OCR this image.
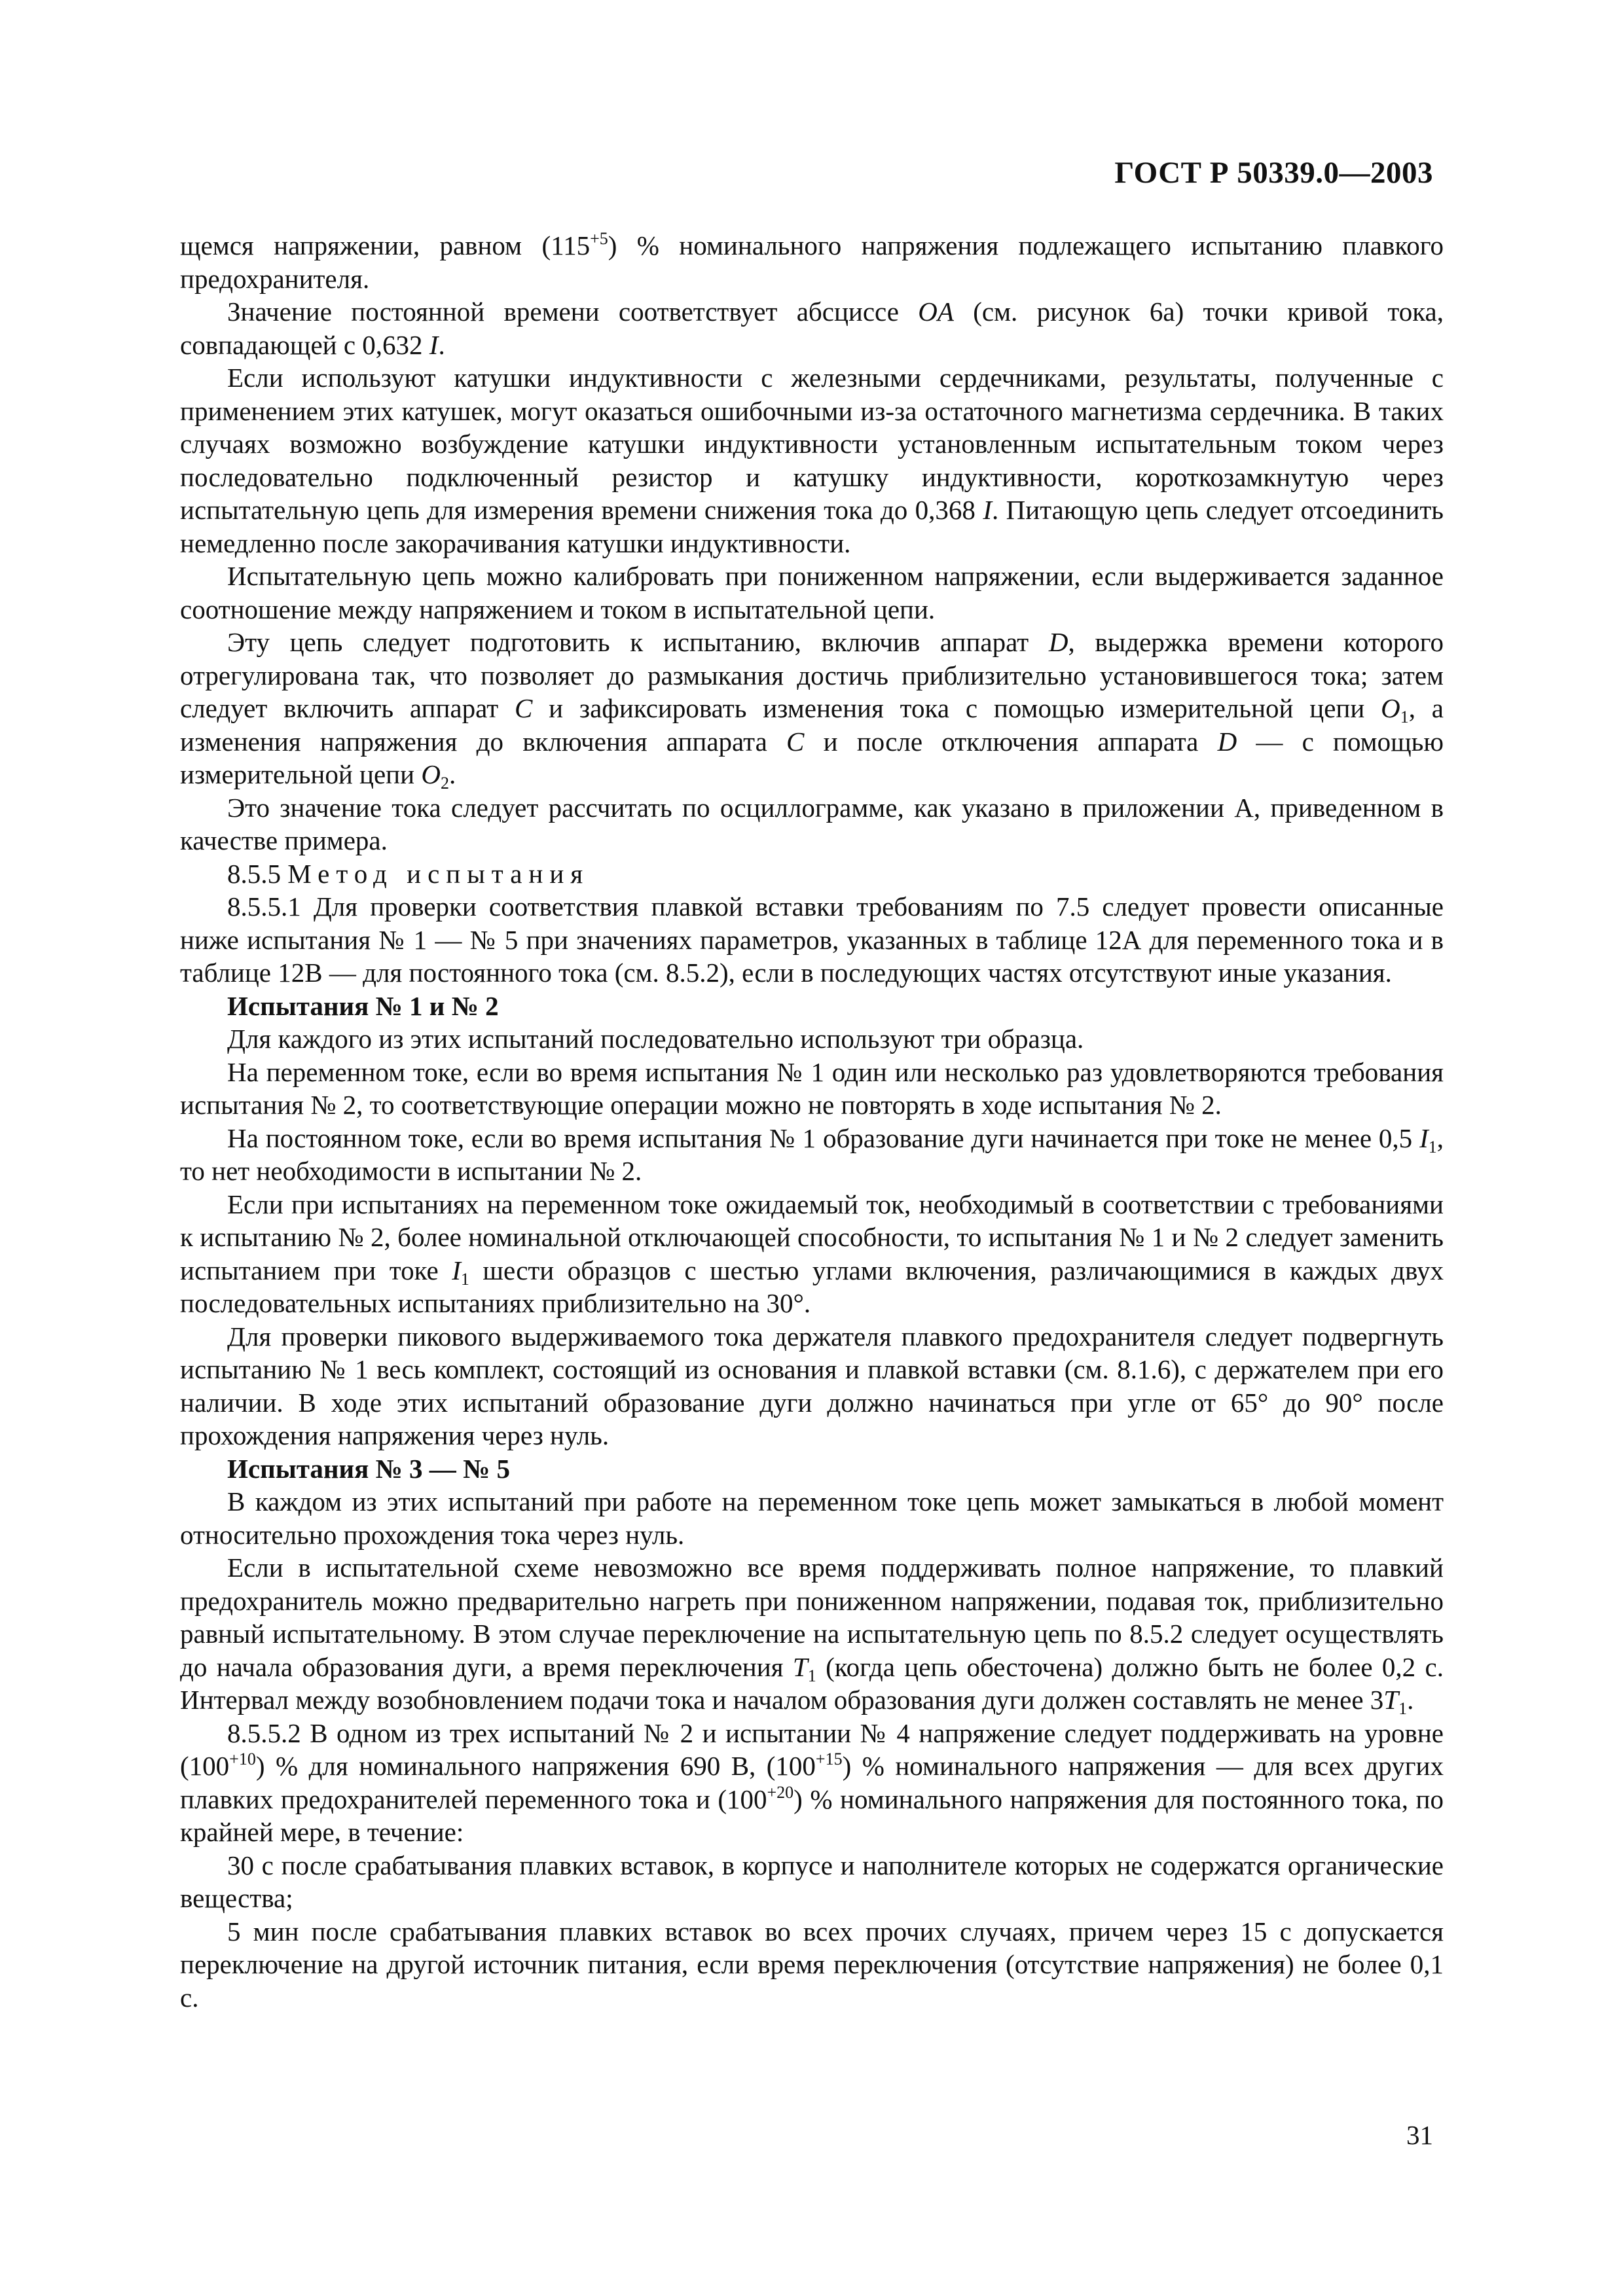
ГОСТ Р 50339.0—2003

щемся напряжении, равном $(115^{+5})$ % номинального напряжения подлежащего испытанию плавкого предохранителя.

Значение постоянной времени соответствует абсциссе OA (см. рисунок 6а) точки кривой тока, совпадающей с 0,632 I.

Если используют катушки индуктивности с железными сердечниками, результаты, полученные с применением этих катушек, могут оказаться ошибочными из-за остаточного магнетизма сердечника. В таких случаях возможно возбуждение катушки индуктивности установленным испытательным током через последовательно подключенный резистор и катушку индуктивности, короткозамкнутую через испытательную цепь для измерения времени снижения тока до 0,368 I. Питающую цепь следует отсоединить немедленно после закорачивания катушки индуктивности.

Испытательную цепь можно калибровать при пониженном напряжении, если выдерживается заданное соотношение между напряжением и током в испытательной цепи.

Эту цепь следует подготовить к испытанию, включив аппарат D, выдержка времени которого отрегулирована так, что позволяет до размыкания достичь приблизительно установившегося тока; затем следует включить аппарат C и зафиксировать изменения тока с помощью измерительной цепи $O_1$, а изменения напряжения до включения аппарата C и после отключения аппарата D — с помощью измерительной цепи $O_2$.

Это значение тока следует рассчитать по осциллограмме, как указано в приложении А, приведенном в качестве примера.

8.5.5 Метод испытания

8.5.5.1 Для проверки соответствия плавкой вставки требованиям по 7.5 следует провести описанные ниже испытания № 1 — № 5 при значениях параметров, указанных в таблице 12А для переменного тока и в таблице 12В — для постоянного тока (см. 8.5.2), если в последующих частях отсутствуют иные указания.

Испытания № 1 и № 2

Для каждого из этих испытаний последовательно используют три образца.

На переменном токе, если во время испытания № 1 один или несколько раз удовлетворяются требования испытания № 2, то соответствующие операции можно не повторять в ходе испытания № 2.

На постоянном токе, если во время испытания № 1 образование дуги начинается при токе не менее 0,5 $I_1$, то нет необходимости в испытании № 2.

Если при испытаниях на переменном токе ожидаемый ток, необходимый в соответствии с требованиями к испытанию № 2, более номинальной отключающей способности, то испытания № 1 и № 2 следует заменить испытанием при токе $I_1$ шести образцов с шестью углами включения, различающимися в каждых двух последовательных испытаниях приблизительно на 30°.

Для проверки пикового выдерживаемого тока держателя плавкого предохранителя следует подвергнуть испытанию № 1 весь комплект, состоящий из основания и плавкой вставки (см. 8.1.6), с держателем при его наличии. В ходе этих испытаний образование дуги должно начинаться при угле от 65° до 90° после прохождения напряжения через нуль.

Испытания № 3 — № 5

В каждом из этих испытаний при работе на переменном токе цепь может замыкаться в любой момент относительно прохождения тока через нуль.

Если в испытательной схеме невозможно все время поддерживать полное напряжение, то плавкий предохранитель можно предварительно нагреть при пониженном напряжении, подавая ток, приблизительно равный испытательному. В этом случае переключение на испытательную цепь по 8.5.2 следует осуществлять до начала образования дуги, а время переключения $T_1$ (когда цепь обесточена) должно быть не более 0,2 с. Интервал между возобновлением подачи тока и началом образования дуги должен составлять не менее $3T_1$.

8.5.5.2 В одном из трех испытаний № 2 и испытании № 4 напряжение следует поддерживать на уровне $(100^{+10})$ % для номинального напряжения 690 В, $(100^{+15})$ % номинального напряжения — для всех других плавких предохранителей переменного тока и $(100^{+20})$ % номинального напряжения для постоянного тока, по крайней мере, в течение:

30 с после срабатывания плавких вставок, в корпусе и наполнителе которых не содержатся органические вещества;

5 мин после срабатывания плавких вставок во всех прочих случаях, причем через 15 с допускается переключение на другой источник питания, если время переключения (отсутствие напряжения) не более 0,1 с.

31
